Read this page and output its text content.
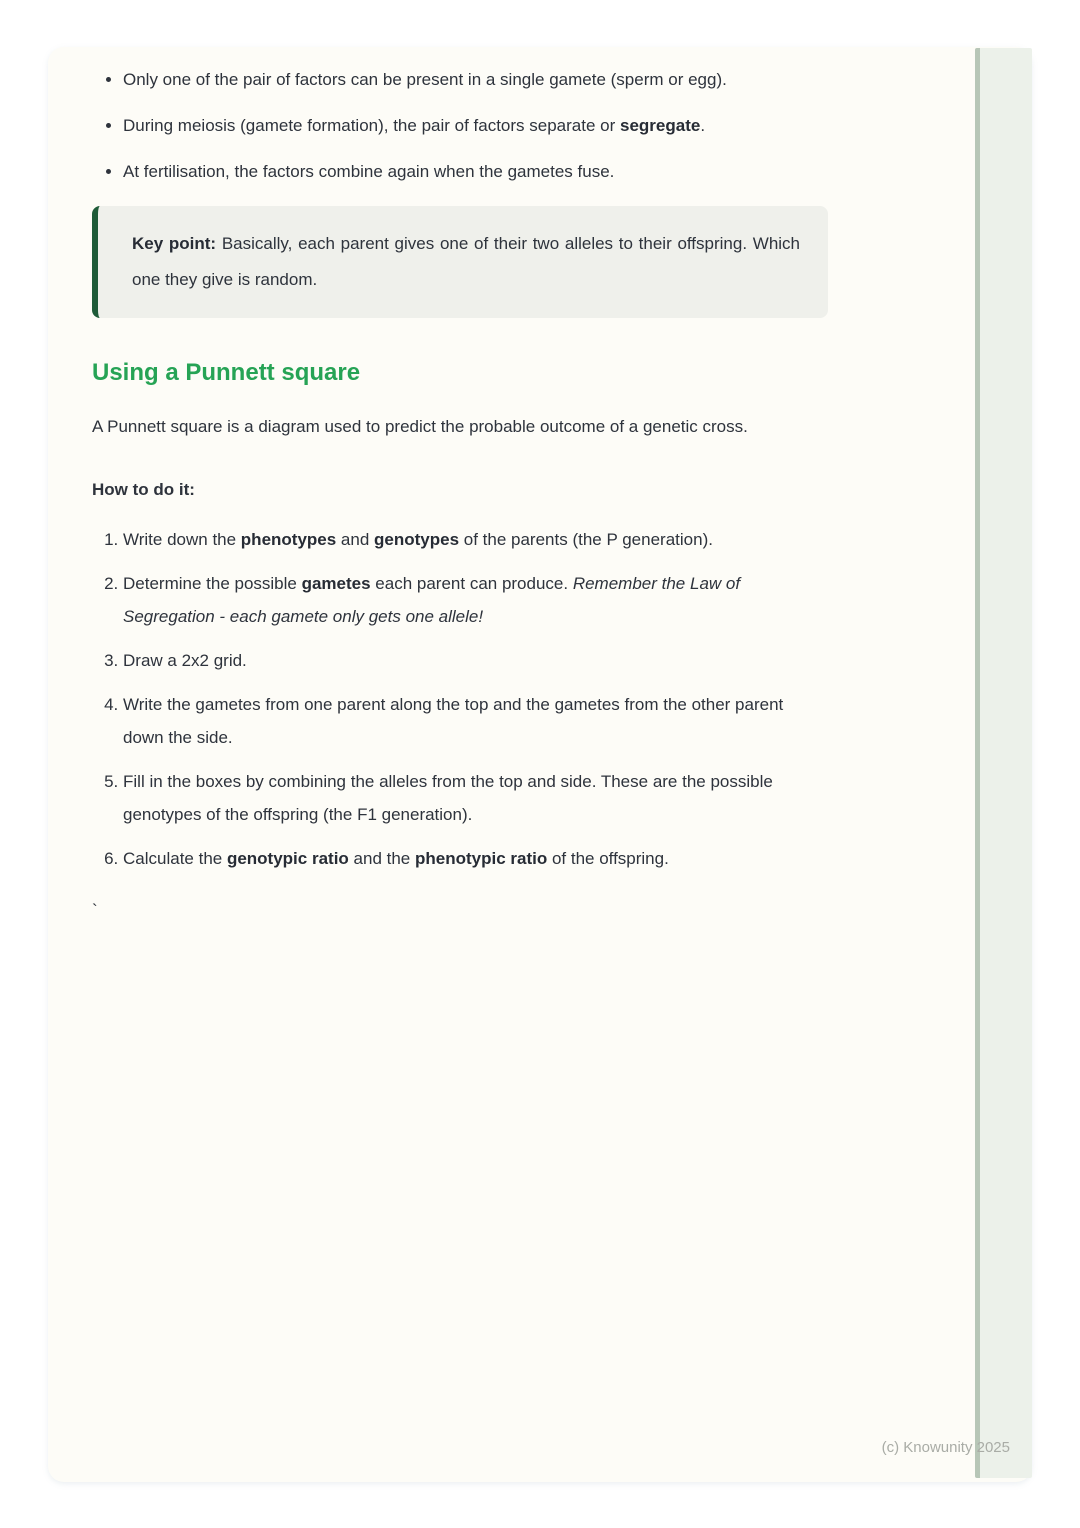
• Only one of the pair of factors can be present in a single gamete (sperm or egg).
• During meiosis (gamete formation), the pair of factors separate or segregate.
• At fertilisation, the factors combine again when the gametes fuse.
Key point: Basically, each parent gives one of their two alleles to their offspring. Which one they give is random.
Using a Punnett square

A Punnett square is a diagram used to predict the probable outcome of a genetic cross.

How to do it:

1. Write down the phenotypes and genotypes of the parents (the P generation).
2. Determine the possible gametes each parent can produce. Remember the Law of Segregation - each gamete only gets one allele!
3. Draw a 2x2 grid.
4. Write the gametes from one parent along the top and the gametes from the other parent down the side.
5. Fill in the boxes by combining the alleles from the top and side. These are the possible genotypes of the offspring (the F1 generation).
6. Calculate the genotypic ratio and the phenotypic ratio of the offspring.

`

(c) Knowunity 2025
